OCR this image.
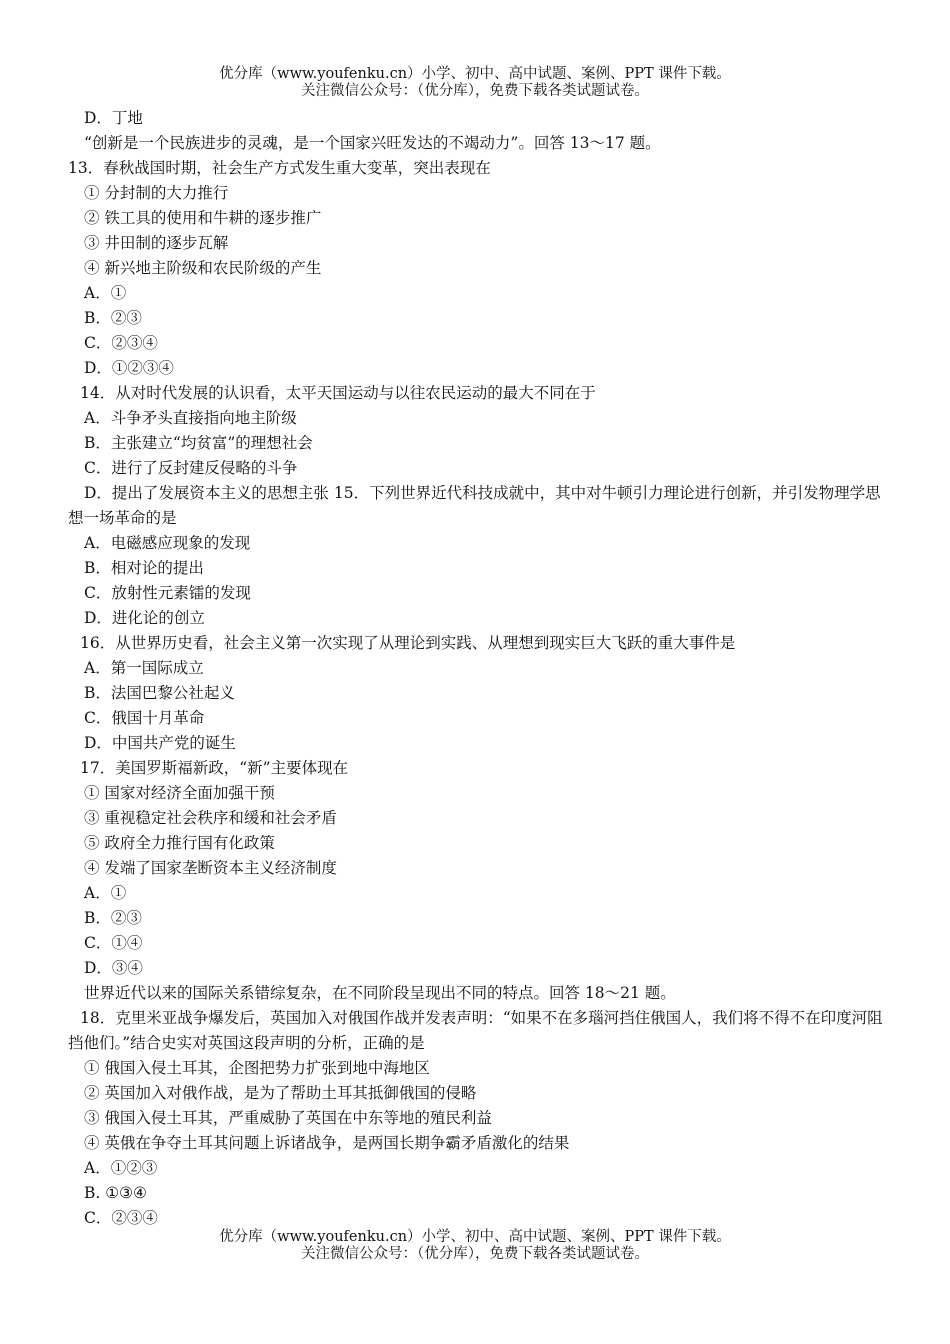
优分库（www.youfenku.cn）小学、初中、高中试题、案例、PPT 课件下载。
关注微信公众号：（优分库），免费下载各类试题试卷。
D．丁地
“创新是一个民族进步的灵魂，是一个国家兴旺发达的不竭动力”。回答 13～17 题。
13．春秋战国时期，社会生产方式发生重大变革，突出表现在
① 分封制的大力推行
② 铁工具的使用和牛耕的逐步推广
③ 井田制的逐步瓦解
④ 新兴地主阶级和农民阶级的产生
A．①
B．②③
C．②③④
D．①②③④
14．从对时代发展的认识看，太平天国运动与以往农民运动的最大不同在于
A．斗争矛头直接指向地主阶级
B．主张建立“均贫富”的理想社会
C．进行了反封建反侵略的斗争
D．提出了发展资本主义的思想主张 15．下列世界近代科技成就中，其中对牛顿引力理论进行创新，并引发物理学思想一场革命的是
A．电磁感应现象的发现
B．相对论的提出
C．放射性元素镭的发现
D．进化论的创立
16．从世界历史看，社会主义第一次实现了从理论到实践、从理想到现实巨大飞跃的重大事件是
A．第一国际成立
B．法国巴黎公社起义
C．俄国十月革命
D．中国共产党的诞生
17．美国罗斯福新政，“新”主要体现在
① 国家对经济全面加强干预
③ 重视稳定社会秩序和缓和社会矛盾
⑤ 政府全力推行国有化政策
④ 发端了国家垄断资本主义经济制度
A．①
B．②③
C．①④
D．③④
世界近代以来的国际关系错综复杂，在不同阶段呈现出不同的特点。回答 18～21 题。
18．克里米亚战争爆发后，英国加入对俄国作战并发表声明：“如果不在多瑙河挡住俄国人，我们将不得不在印度河阻挡他们。”结合史实对英国这段声明的分析，正确的是
① 俄国入侵土耳其，企图把势力扩张到地中海地区
② 英国加入对俄作战，是为了帮助土耳其抵御俄国的侵略
③ 俄国入侵土耳其，严重威胁了英国在中东等地的殖民利益
④ 英俄在争夺土耳其问题上诉诸战争，是两国长期争霸矛盾激化的结果
A．①②③
B. ①③④
C．②③④
优分库（www.youfenku.cn）小学、初中、高中试题、案例、PPT 课件下载。
关注微信公众号：（优分库），免费下载各类试题试卷。
